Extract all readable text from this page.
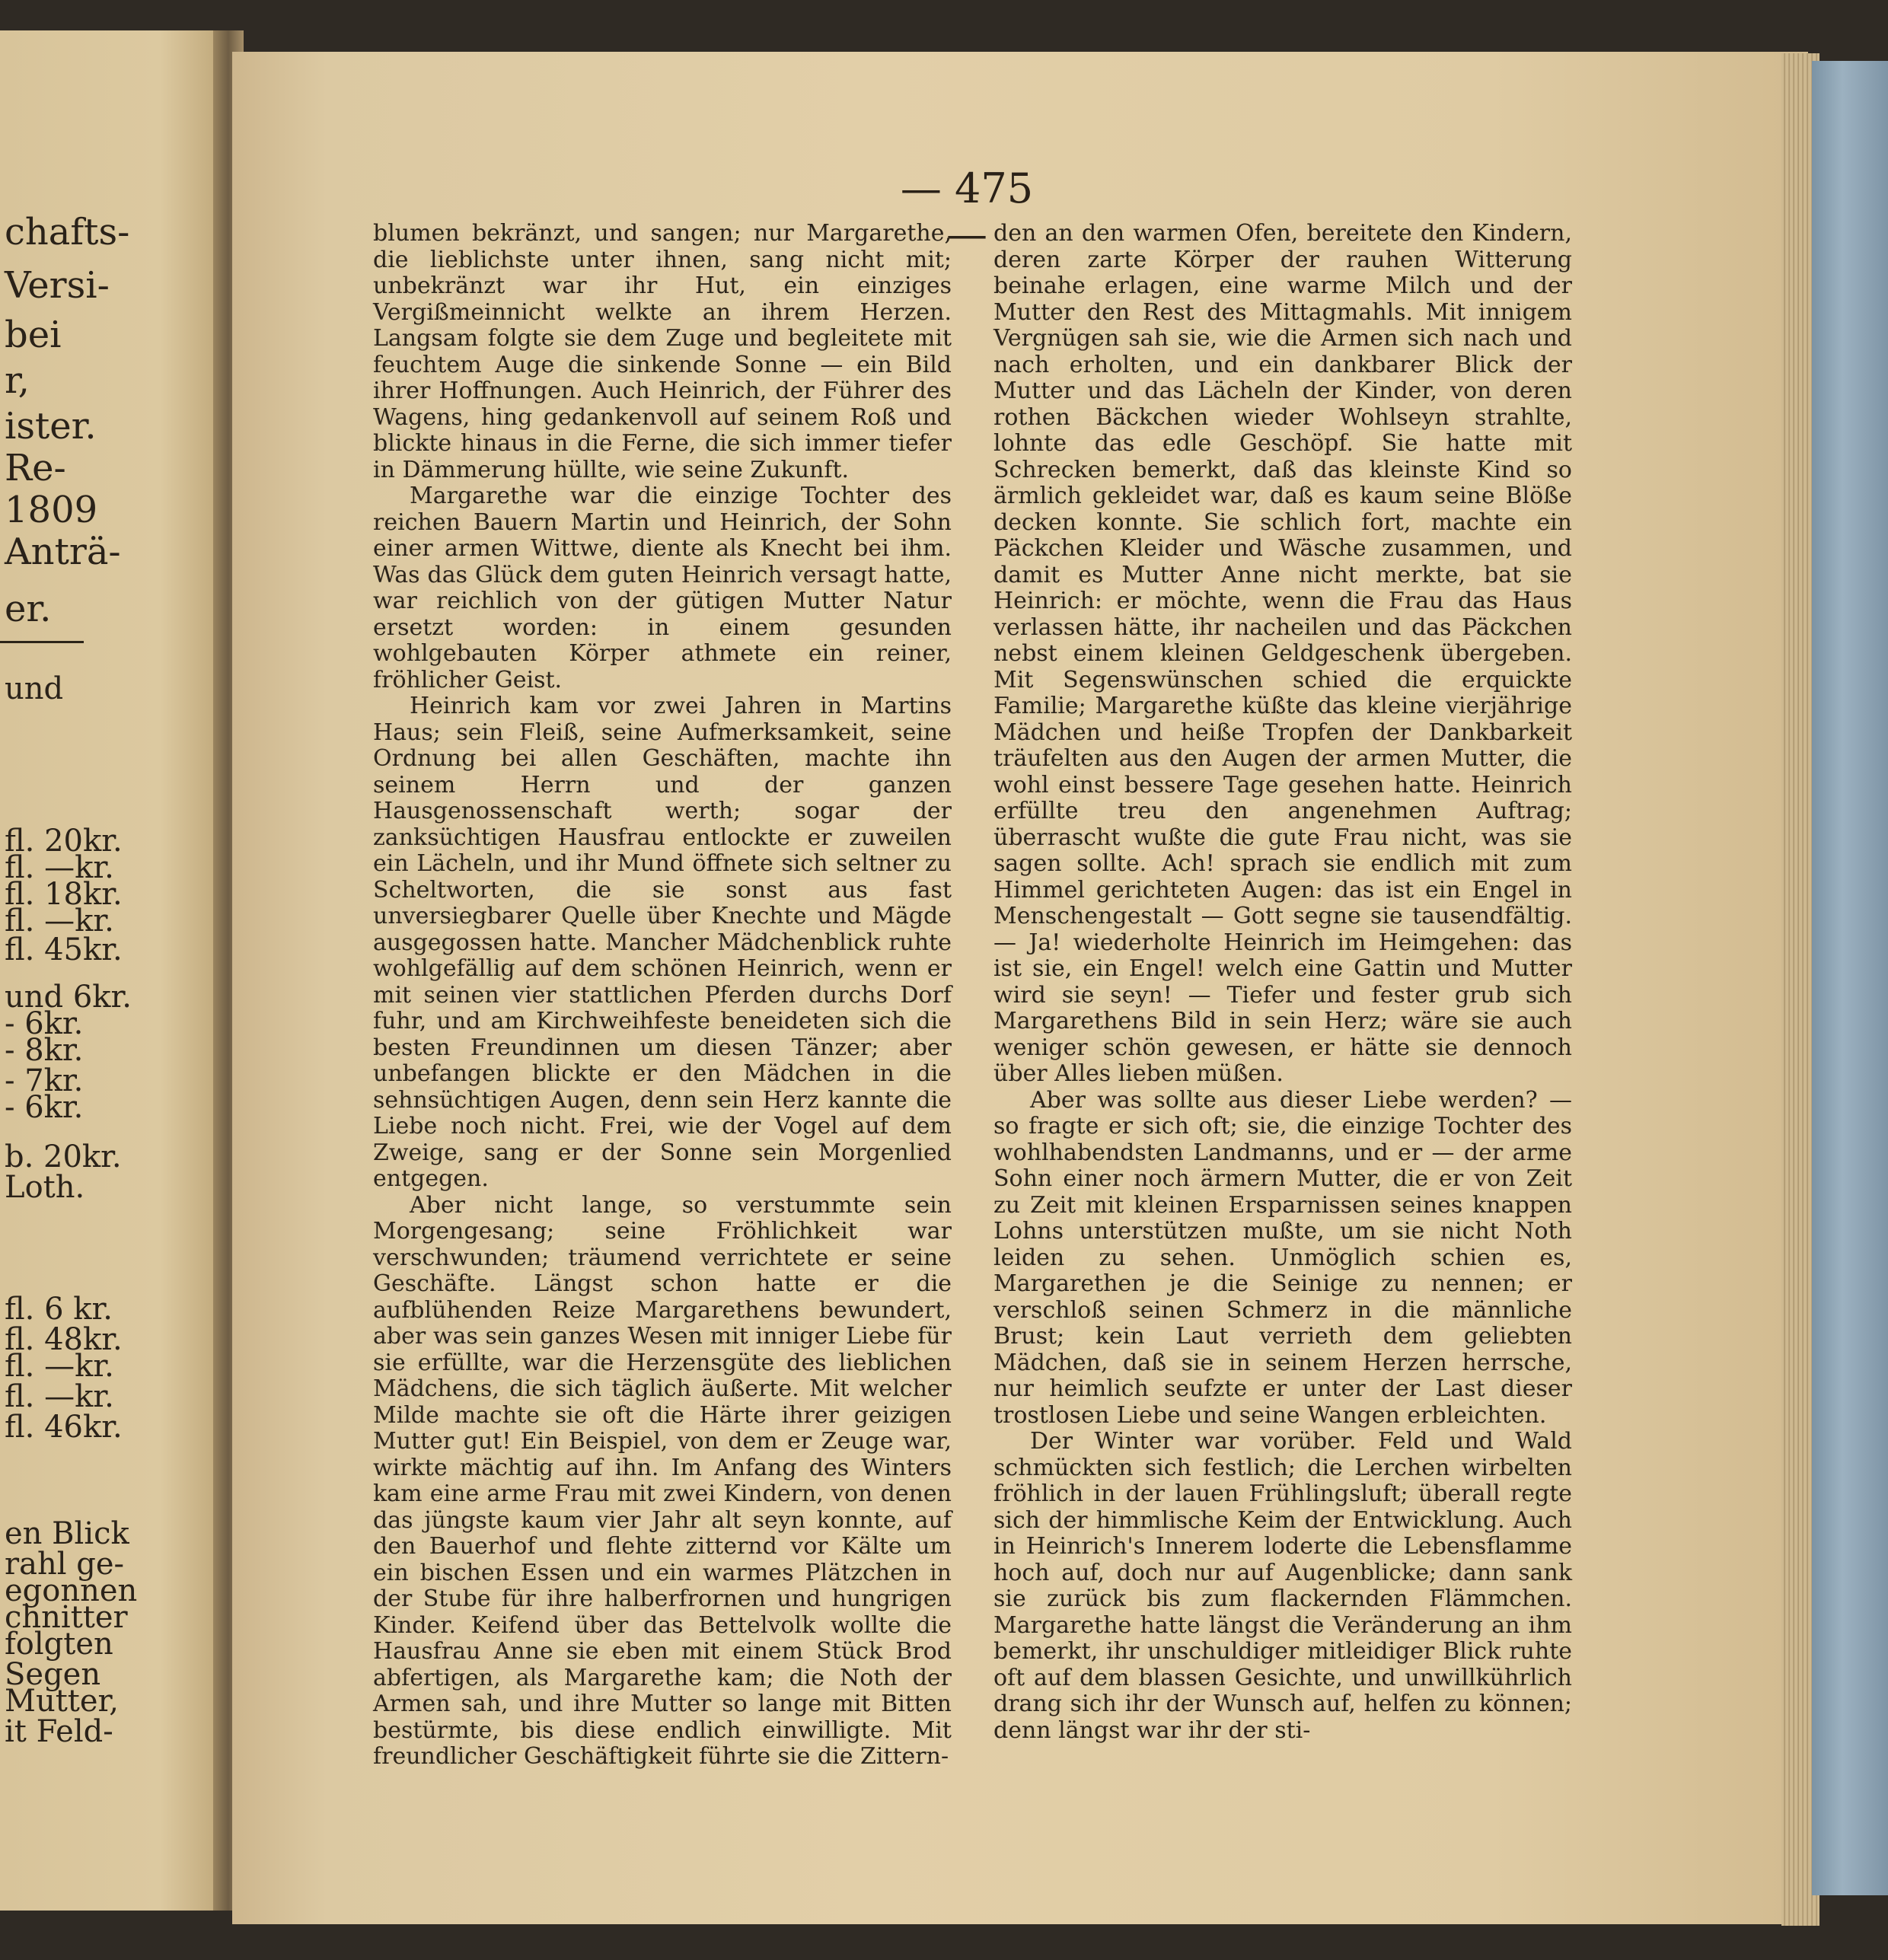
chafts-
Versi-
bei
r,
ister.
Re-
1809
Anträ-
er.
und
fl. 20kr.
fl. —kr.
fl. 18kr.
fl. —kr.
fl. 45kr.
und 6kr.
- 6kr.
- 8kr.
- 7kr.
- 6kr.
b. 20kr.
Loth.
fl. 6 kr.
fl. 48kr.
fl. —kr.
fl. —kr.
fl. 46kr.
en Blick
rahl ge-
egonnen
chnitter
folgten
Segen
Mutter,
it Feld-
— 475 —

blumen bekränzt, und sangen; nur Margarethe, die lieblichste unter ihnen, sang nicht mit; unbekränzt war ihr Hut, ein einziges Vergißmeinnicht welkte an ihrem Herzen. Langsam folgte sie dem Zuge und begleitete mit feuchtem Auge die sinkende Sonne — ein Bild ihrer Hoffnungen. Auch Heinrich, der Führer des Wagens, hing gedankenvoll auf seinem Roß und blickte hinaus in die Ferne, die sich immer tiefer in Dämmerung hüllte, wie seine Zukunft.

Margarethe war die einzige Tochter des reichen Bauern Martin und Heinrich, der Sohn einer armen Wittwe, diente als Knecht bei ihm. Was das Glück dem guten Heinrich versagt hatte, war reichlich von der gütigen Mutter Natur ersetzt worden: in einem gesunden wohlgebauten Körper athmete ein reiner, fröhlicher Geist.

Heinrich kam vor zwei Jahren in Martins Haus; sein Fleiß, seine Aufmerksamkeit, seine Ordnung bei allen Geschäften, machte ihn seinem Herrn und der ganzen Hausgenossenschaft werth; sogar der zanksüchtigen Hausfrau entlockte er zuweilen ein Lächeln, und ihr Mund öffnete sich seltner zu Scheltworten, die sie sonst aus fast unversiegbarer Quelle über Knechte und Mägde ausgegossen hatte. Mancher Mädchenblick ruhte wohlgefällig auf dem schönen Heinrich, wenn er mit seinen vier stattlichen Pferden durchs Dorf fuhr, und am Kirchweihfeste beneideten sich die besten Freundinnen um diesen Tänzer; aber unbefangen blickte er den Mädchen in die sehnsüchtigen Augen, denn sein Herz kannte die Liebe noch nicht. Frei, wie der Vogel auf dem Zweige, sang er der Sonne sein Morgenlied entgegen.

Aber nicht lange, so verstummte sein Morgengesang; seine Fröhlichkeit war verschwunden; träumend verrichtete er seine Geschäfte. Längst schon hatte er die aufblühenden Reize Margarethens bewundert, aber was sein ganzes Wesen mit inniger Liebe für sie erfüllte, war die Herzensgüte des lieblichen Mädchens, die sich täglich äußerte. Mit welcher Milde machte sie oft die Härte ihrer geizigen Mutter gut! Ein Beispiel, von dem er Zeuge war, wirkte mächtig auf ihn. Im Anfang des Winters kam eine arme Frau mit zwei Kindern, von denen das jüngste kaum vier Jahr alt seyn konnte, auf den Bauerhof und flehte zitternd vor Kälte um ein bischen Essen und ein warmes Plätzchen in der Stube für ihre halberfrornen und hungrigen Kinder. Keifend über das Bettelvolk wollte die Hausfrau Anne sie eben mit einem Stück Brod abfertigen, als Margarethe kam; die Noth der Armen sah, und ihre Mutter so lange mit Bitten bestürmte, bis diese endlich einwilligte. Mit freundlicher Geschäftigkeit führte sie die Zittern-

den an den warmen Ofen, bereitete den Kindern, deren zarte Körper der rauhen Witterung beinahe erlagen, eine warme Milch und der Mutter den Rest des Mittagmahls. Mit innigem Vergnügen sah sie, wie die Armen sich nach und nach erholten, und ein dankbarer Blick der Mutter und das Lächeln der Kinder, von deren rothen Bäckchen wieder Wohlseyn strahlte, lohnte das edle Geschöpf. Sie hatte mit Schrecken bemerkt, daß das kleinste Kind so ärmlich gekleidet war, daß es kaum seine Blöße decken konnte. Sie schlich fort, machte ein Päckchen Kleider und Wäsche zusammen, und damit es Mutter Anne nicht merkte, bat sie Heinrich: er möchte, wenn die Frau das Haus verlassen hätte, ihr nacheilen und das Päckchen nebst einem kleinen Geldgeschenk übergeben. Mit Segenswünschen schied die erquickte Familie; Margarethe küßte das kleine vierjährige Mädchen und heiße Tropfen der Dankbarkeit träufelten aus den Augen der armen Mutter, die wohl einst bessere Tage gesehen hatte. Heinrich erfüllte treu den angenehmen Auftrag; überrascht wußte die gute Frau nicht, was sie sagen sollte. Ach! sprach sie endlich mit zum Himmel gerichteten Augen: das ist ein Engel in Menschengestalt — Gott segne sie tausendfältig. — Ja! wiederholte Heinrich im Heimgehen: das ist sie, ein Engel! welch eine Gattin und Mutter wird sie seyn! — Tiefer und fester grub sich Margarethens Bild in sein Herz; wäre sie auch weniger schön gewesen, er hätte sie dennoch über Alles lieben müßen.

Aber was sollte aus dieser Liebe werden? — so fragte er sich oft; sie, die einzige Tochter des wohlhabendsten Landmanns, und er — der arme Sohn einer noch ärmern Mutter, die er von Zeit zu Zeit mit kleinen Ersparnissen seines knappen Lohns unterstützen mußte, um sie nicht Noth leiden zu sehen. Unmöglich schien es, Margarethen je die Seinige zu nennen; er verschloß seinen Schmerz in die männliche Brust; kein Laut verrieth dem geliebten Mädchen, daß sie in seinem Herzen herrsche, nur heimlich seufzte er unter der Last dieser trostlosen Liebe und seine Wangen erbleichten.

Der Winter war vorüber. Feld und Wald schmückten sich festlich; die Lerchen wirbelten fröhlich in der lauen Frühlingsluft; überall regte sich der himmlische Keim der Entwicklung. Auch in Heinrich's Innerem loderte die Lebensflamme hoch auf, doch nur auf Augenblicke; dann sank sie zurück bis zum flackernden Flämmchen. Margarethe hatte längst die Veränderung an ihm bemerkt, ihr unschuldiger mitleidiger Blick ruhte oft auf dem blassen Gesichte, und unwillkührlich drang sich ihr der Wunsch auf, helfen zu können; denn längst war ihr der sti-
